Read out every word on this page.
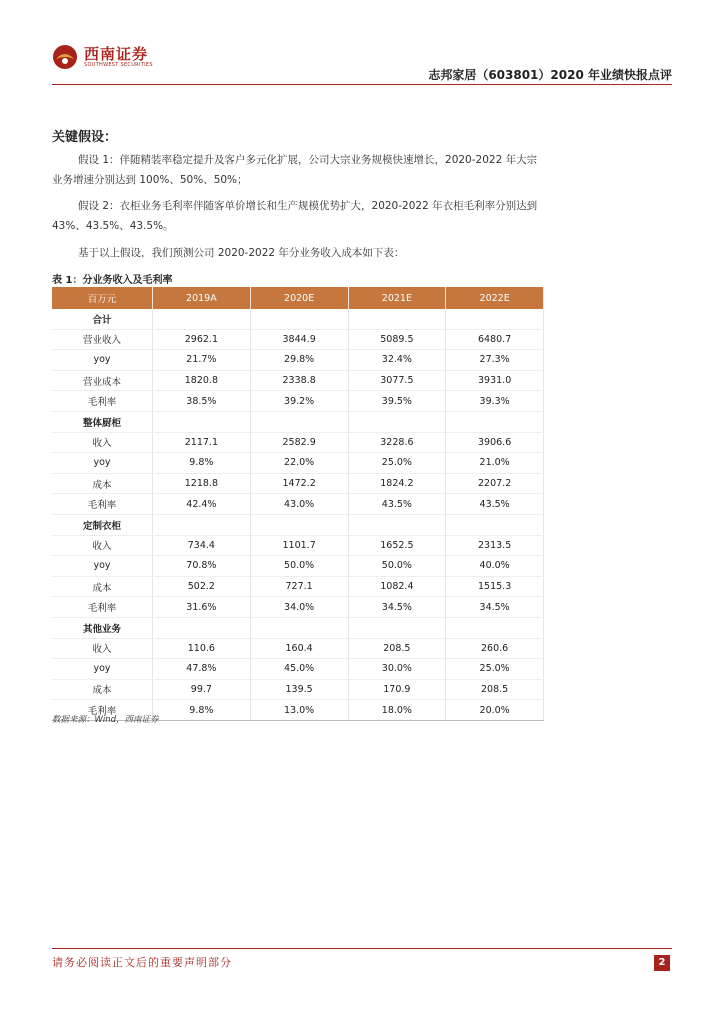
西南证券
SOUTHWEST SECURITIES
志邦家居（603801）2020 年业绩快报点评
关键假设：
假设 1：伴随精装率稳定提升及客户多元化扩展，公司大宗业务规模快速增长，2020-2022 年大宗业务增速分别达到 100%、50%、50%；
假设 2：衣柜业务毛利率伴随客单价增长和生产规模优势扩大，2020-2022 年衣柜毛利率分别达到 43%、43.5%、43.5%。
基于以上假设，我们预测公司 2020-2022 年分业务收入成本如下表：
表 1：分业务收入及毛利率
百万元	2019A	2020E	2021E	2022E
合计				
营业收入	2962.1	3844.9	5089.5	6480.7
yoy	21.7%	29.8%	32.4%	27.3%
营业成本	1820.8	2338.8	3077.5	3931.0
毛利率	38.5%	39.2%	39.5%	39.3%
整体厨柜				
收入	2117.1	2582.9	3228.6	3906.6
yoy	9.8%	22.0%	25.0%	21.0%
成本	1218.8	1472.2	1824.2	2207.2
毛利率	42.4%	43.0%	43.5%	43.5%
定制衣柜				
收入	734.4	1101.7	1652.5	2313.5
yoy	70.8%	50.0%	50.0%	40.0%
成本	502.2	727.1	1082.4	1515.3
毛利率	31.6%	34.0%	34.5%	34.5%
其他业务				
收入	110.6	160.4	208.5	260.6
yoy	47.8%	45.0%	30.0%	25.0%
成本	99.7	139.5	170.9	208.5
毛利率	9.8%	13.0%	18.0%	20.0%
数据来源：Wind，西南证券
请务必阅读正文后的重要声明部分	2
